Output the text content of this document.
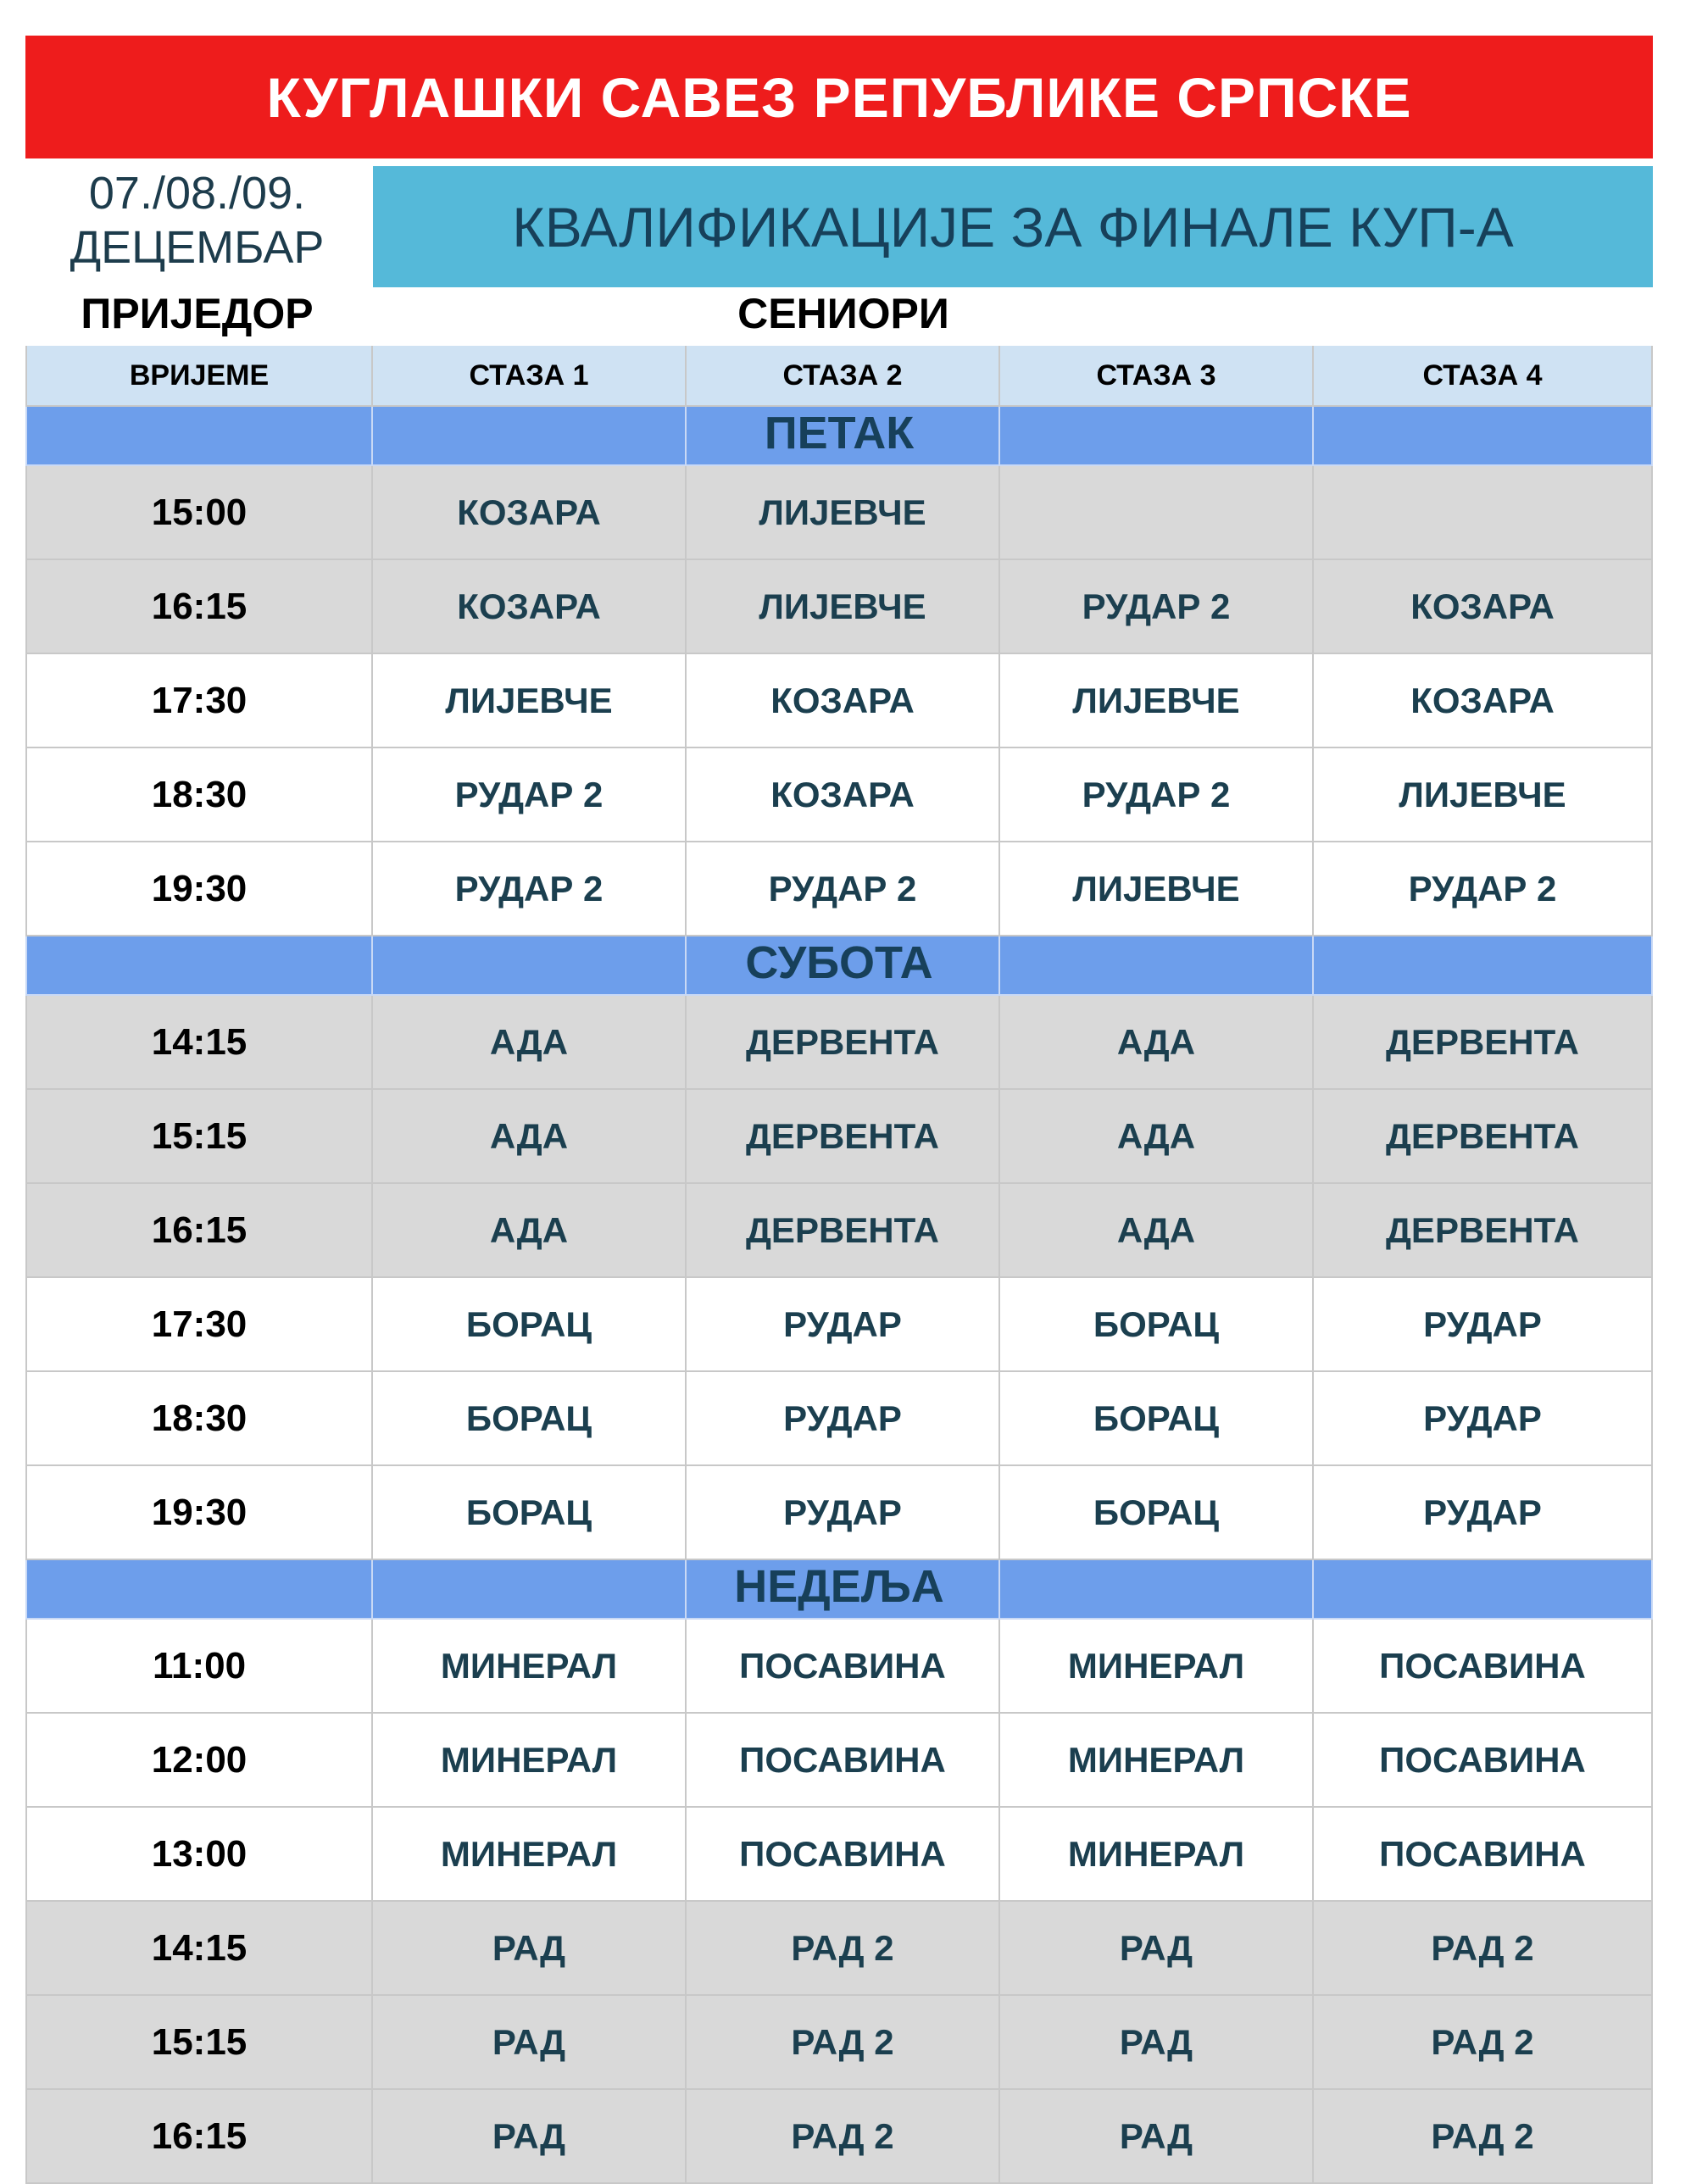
КУГЛАШКИ САВЕЗ РЕПУБЛИКЕ СРПСКЕ
07./08./09.
ДЕЦЕМБАР	КВАЛИФИКАЦИЈЕ ЗА ФИНАЛЕ КУП-А
ПРИЈЕДОР	СЕНИОРИ
ВРИЈЕМЕ	СТАЗА 1	СТАЗА 2	СТАЗА 3	СТАЗА 4
ПЕТАК
15:00	КОЗАРА	ЛИЈЕВЧЕ
16:15	КОЗАРА	ЛИЈЕВЧЕ	РУДАР 2	КОЗАРА
17:30	ЛИЈЕВЧЕ	КОЗАРА	ЛИЈЕВЧЕ	КОЗАРА
18:30	РУДАР 2	КОЗАРА	РУДАР 2	ЛИЈЕВЧЕ
19:30	РУДАР 2	РУДАР 2	ЛИЈЕВЧЕ	РУДАР 2
СУБОТА
14:15	АДА	ДЕРВЕНТА	АДА	ДЕРВЕНТА
15:15	АДА	ДЕРВЕНТА	АДА	ДЕРВЕНТА
16:15	АДА	ДЕРВЕНТА	АДА	ДЕРВЕНТА
17:30	БОРАЦ	РУДАР	БОРАЦ	РУДАР
18:30	БОРАЦ	РУДАР	БОРАЦ	РУДАР
19:30	БОРАЦ	РУДАР	БОРАЦ	РУДАР
НЕДЕЉА
11:00	МИНЕРАЛ	ПОСАВИНА	МИНЕРАЛ	ПОСАВИНА
12:00	МИНЕРАЛ	ПОСАВИНА	МИНЕРАЛ	ПОСАВИНА
13:00	МИНЕРАЛ	ПОСАВИНА	МИНЕРАЛ	ПОСАВИНА
14:15	РАД	РАД 2	РАД	РАД 2
15:15	РАД	РАД 2	РАД	РАД 2
16:15	РАД	РАД 2	РАД	РАД 2
